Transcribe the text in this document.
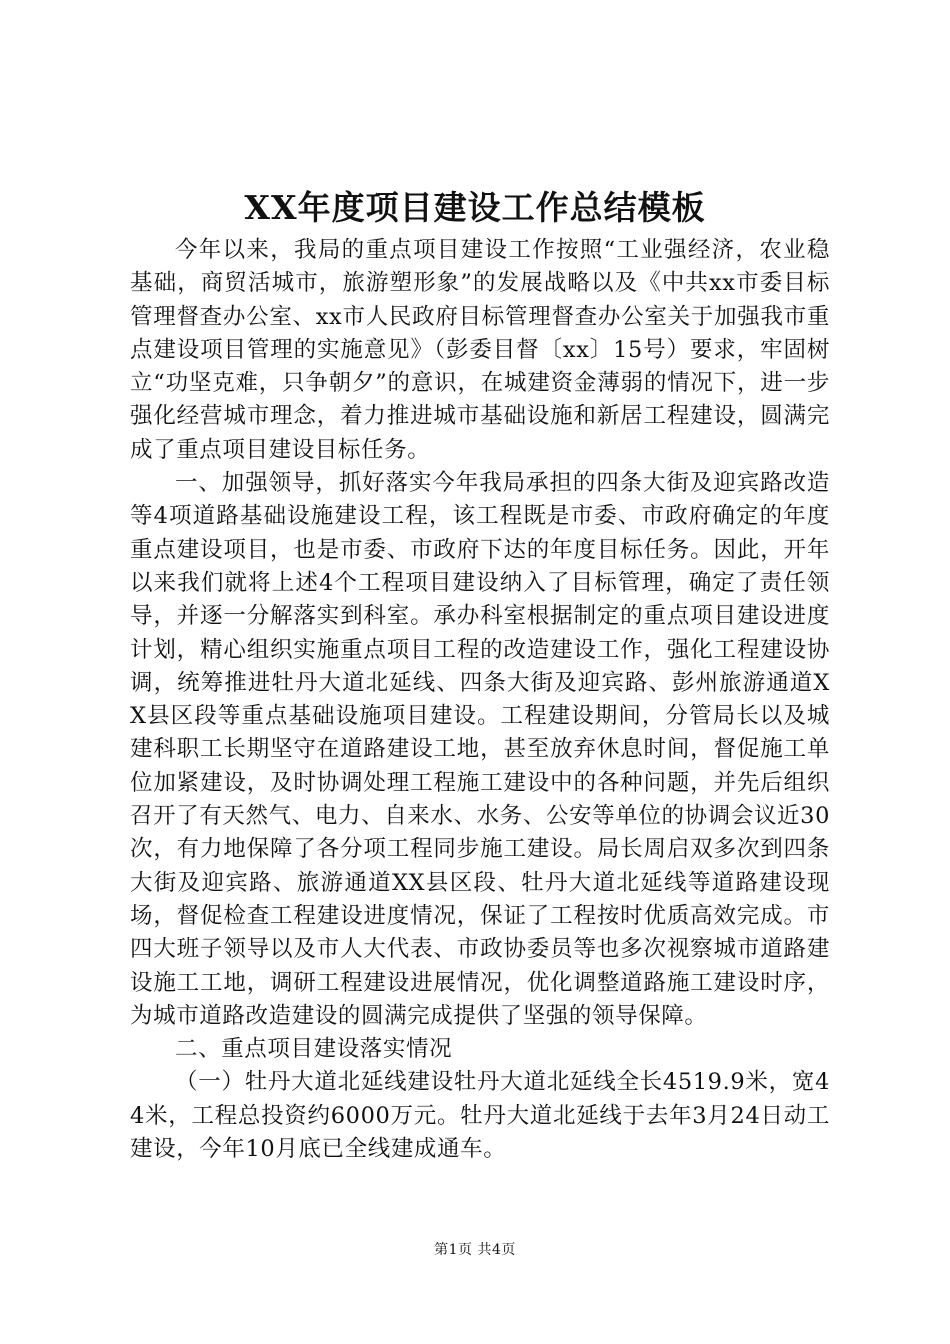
XX年度项目建设工作总结模板

今年以来，我局的重点项目建设工作按照“工业强经济，农业稳基础，商贸活城市，旅游塑形象”的发展战略以及《中共xx市委目标管理督查办公室、xx市人民政府目标管理督查办公室关于加强我市重点建设项目管理的实施意见》（彭委目督〔xx〕15号）要求，牢固树立“功坚克难，只争朝夕”的意识，在城建资金薄弱的情况下，进一步强化经营城市理念，着力推进城市基础设施和新居工程建设，圆满完成了重点项目建设目标任务。

一、加强领导，抓好落实今年我局承担的四条大街及迎宾路改造等4项道路基础设施建设工程，该工程既是市委、市政府确定的年度重点建设项目，也是市委、市政府下达的年度目标任务。因此，开年以来我们就将上述4个工程项目建设纳入了目标管理，确定了责任领导，并逐一分解落实到科室。承办科室根据制定的重点项目建设进度计划，精心组织实施重点项目工程的改造建设工作，强化工程建设协调，统筹推进牡丹大道北延线、四条大街及迎宾路、彭州旅游通道XX县区段等重点基础设施项目建设。工程建设期间，分管局长以及城建科职工长期坚守在道路建设工地，甚至放弃休息时间，督促施工单位加紧建设，及时协调处理工程施工建设中的各种问题，并先后组织召开了有天然气、电力、自来水、水务、公安等单位的协调会议近30次，有力地保障了各分项工程同步施工建设。局长周启双多次到四条大街及迎宾路、旅游通道XX县区段、牡丹大道北延线等道路建设现场，督促检查工程建设进度情况，保证了工程按时优质高效完成。市四大班子领导以及市人大代表、市政协委员等也多次视察城市道路建设施工工地，调研工程建设进展情况，优化调整道路施工建设时序，为城市道路改造建设的圆满完成提供了坚强的领导保障。

二、重点项目建设落实情况

（一）牡丹大道北延线建设牡丹大道北延线全长4519.9米，宽44米，工程总投资约6000万元。牡丹大道北延线于去年3月24日动工建设，今年10月底已全线建成通车。

第1页 共4页
